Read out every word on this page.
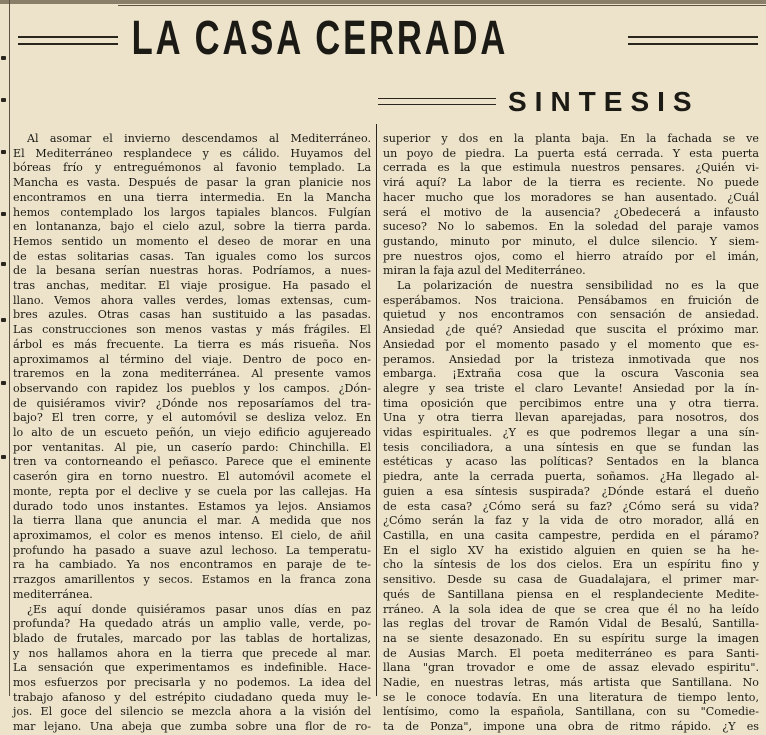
LA CASA CERRADA
SINTESIS

Al asomar el invierno descendamos al Mediterráneo.
El Mediterráneo resplandece y es cálido. Huyamos del
bóreas frío y entreguémonos al favonio templado. La
Mancha es vasta. Después de pasar la gran planicie nos
encontramos en una tierra intermedia. En la Mancha
hemos contemplado los largos tapiales blancos. Fulgían
en lontananza, bajo el cielo azul, sobre la tierra parda.
Hemos sentido un momento el deseo de morar en una
de estas solitarias casas. Tan iguales como los surcos
de la besana serían nuestras horas. Podríamos, a nues-
tras anchas, meditar. El viaje prosigue. Ha pasado el
llano. Vemos ahora valles verdes, lomas extensas, cum-
bres azules. Otras casas han sustituido a las pasadas.
Las construcciones son menos vastas y más frágiles. El
árbol es más frecuente. La tierra es más risueña. Nos
aproximamos al término del viaje. Dentro de poco en-
traremos en la zona mediterránea. Al presente vamos
observando con rapidez los pueblos y los campos. ¿Dón-
de quisiéramos vivir? ¿Dónde nos reposaríamos del tra-
bajo? El tren corre, y el automóvil se desliza veloz. En
lo alto de un escueto peñón, un viejo edificio agujereado
por ventanitas. Al pie, un caserío pardo: Chinchilla. El
tren va contorneando el peñasco. Parece que el eminente
caserón gira en torno nuestro. El automóvil acomete el
monte, repta por el declive y se cuela por las callejas. Ha
durado todo unos instantes. Estamos ya lejos. Ansiamos
la tierra llana que anuncia el mar. A medida que nos
aproximamos, el color es menos intenso. El cielo, de añil
profundo ha pasado a suave azul lechoso. La temperatu-
ra ha cambiado. Ya nos encontramos en paraje de te-
rrazgos amarillentos y secos. Estamos en la franca zona
mediterránea.

¿Es aquí donde quisiéramos pasar unos días en paz
profunda? Ha quedado atrás un amplio valle, verde, po-
blado de frutales, marcado por las tablas de hortalizas,
y nos hallamos ahora en la tierra que precede al mar.
La sensación que experimentamos es indefinible. Hace-
mos esfuerzos por precisarla y no podemos. La idea del
trabajo afanoso y del estrépito ciudadano queda muy le-
jos. El goce del silencio se mezcla ahora a la visión del
mar lejano. Una abeja que zumba sobre una flor de ro-

superior y dos en la planta baja. En la fachada se ve
un poyo de piedra. La puerta está cerrada. Y esta puerta
cerrada es la que estimula nuestros pensares. ¿Quién vi-
virá aquí? La labor de la tierra es reciente. No puede
hacer mucho que los moradores se han ausentado. ¿Cuál
será el motivo de la ausencia? ¿Obedecerá a infausto
suceso? No lo sabemos. En la soledad del paraje vamos
gustando, minuto por minuto, el dulce silencio. Y siem-
pre nuestros ojos, como el hierro atraído por el imán,
miran la faja azul del Mediterráneo.

La polarización de nuestra sensibilidad no es la que
esperábamos. Nos traiciona. Pensábamos en fruición de
quietud y nos encontramos con sensación de ansiedad.
Ansiedad ¿de qué? Ansiedad que suscita el próximo mar.
Ansiedad por el momento pasado y el momento que es-
peramos. Ansiedad por la tristeza inmotivada que nos
embarga. ¡Extraña cosa que la oscura Vasconia sea
alegre y sea triste el claro Levante! Ansiedad por la ín-
tima oposición que percibimos entre una y otra tierra.
Una y otra tierra llevan aparejadas, para nosotros, dos
vidas espirituales. ¿Y es que podremos llegar a una sín-
tesis conciliadora, a una síntesis en que se fundan las
estéticas y acaso las políticas? Sentados en la blanca
piedra, ante la cerrada puerta, soñamos. ¿Ha llegado al-
guien a esa síntesis suspirada? ¿Dónde estará el dueño
de esta casa? ¿Cómo será su faz? ¿Cómo será su vida?
¿Cómo serán la faz y la vida de otro morador, allá en
Castilla, en una casita campestre, perdida en el páramo?
En el siglo XV ha existido alguien en quien se ha he-
cho la síntesis de los dos cielos. Era un espíritu fino y
sensitivo. Desde su casa de Guadalajara, el primer mar-
qués de Santillana piensa en el resplandeciente Medite-
rráneo. A la sola idea de que se crea que él no ha leído
las reglas del trovar de Ramón Vidal de Besalú, Santilla-
na se siente desazonado. En su espíritu surge la imagen
de Ausias March. El poeta mediterráneo es para Santi-
llana "gran trovador e ome de assaz elevado espiritu".
Nadie, en nuestras letras, más artista que Santillana. No
se le conoce todavía. En una literatura de tiempo lento,
lentísimo, como la española, Santillana, con su "Comedie-
ta de Ponza", impone una obra de ritmo rápido. ¿Y es
